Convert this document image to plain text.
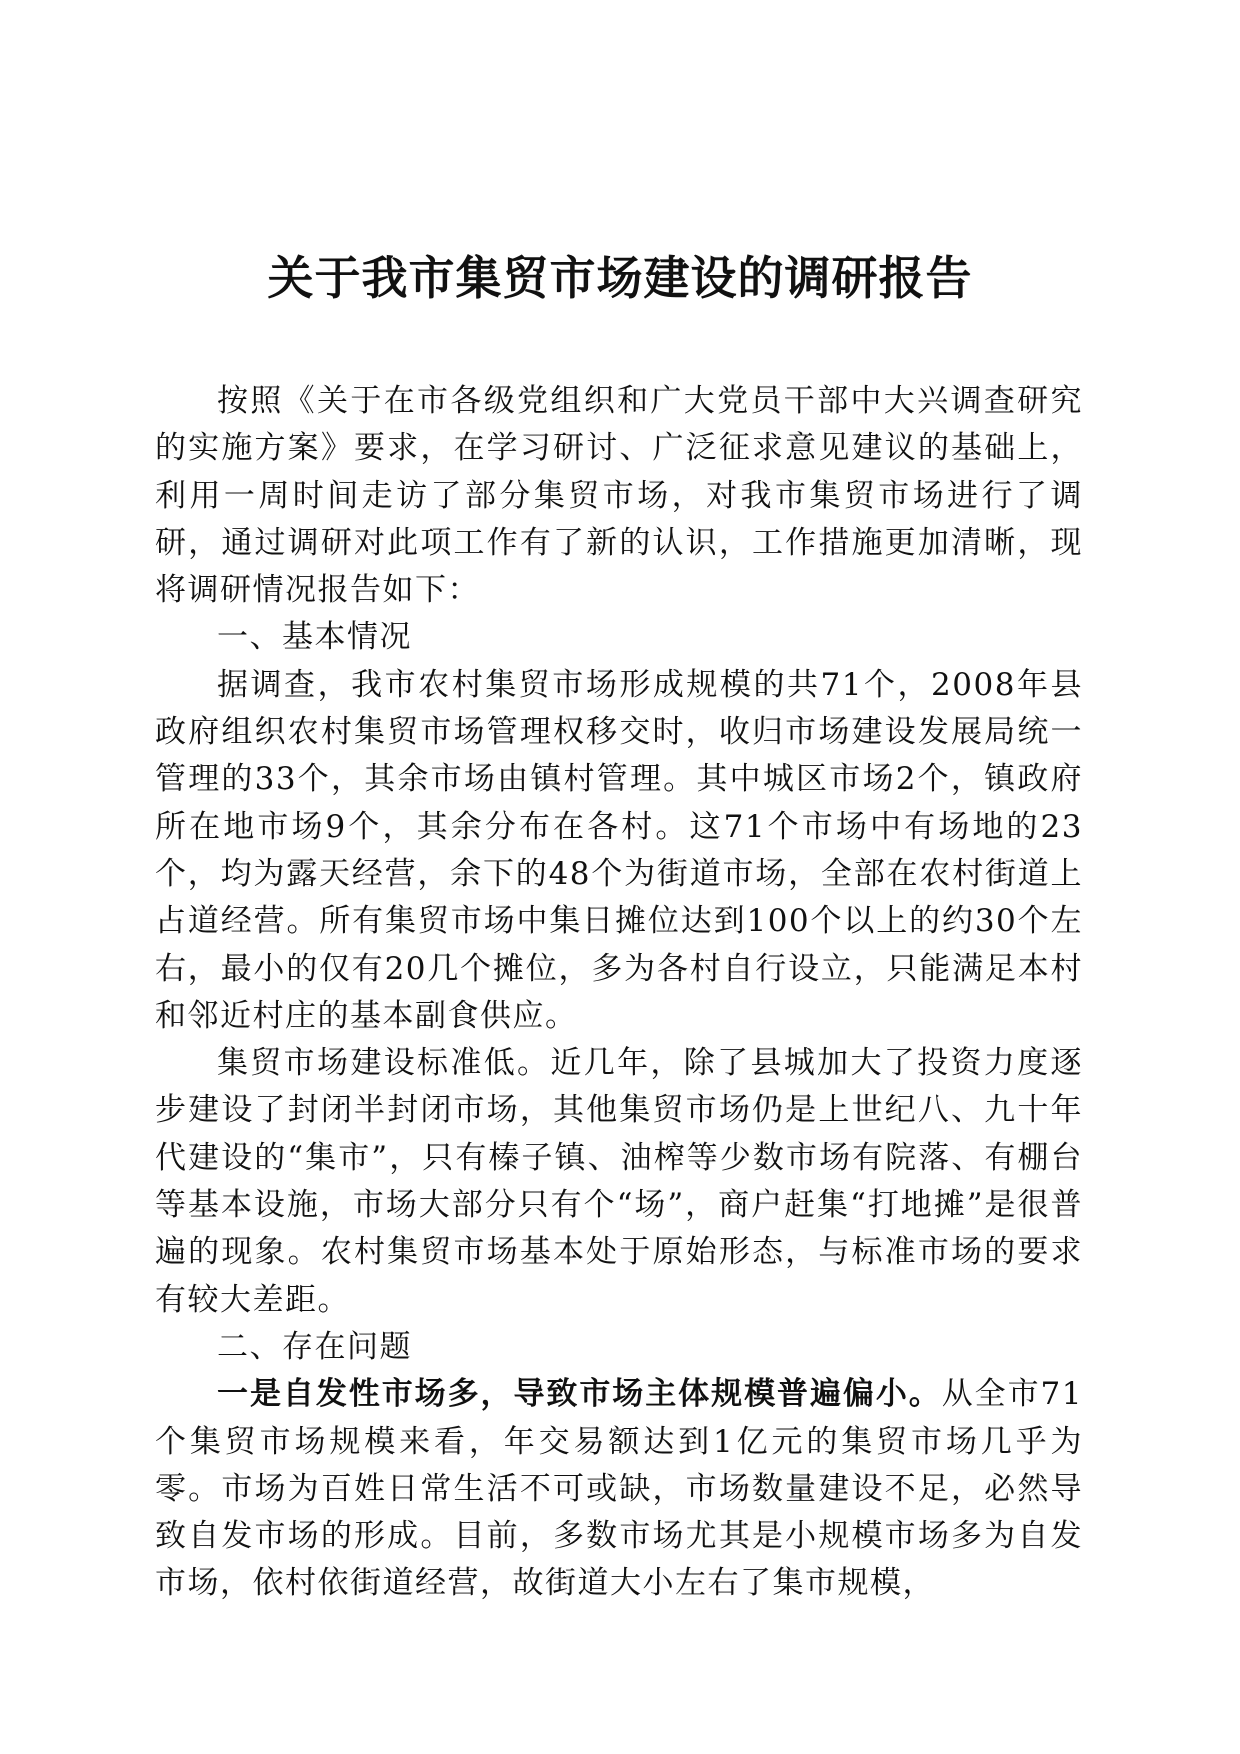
关于我市集贸市场建设的调研报告

按照《关于在市各级党组织和广大党员干部中大兴调查研究的实施方案》要求，在学习研讨、广泛征求意见建议的基础上，利用一周时间走访了部分集贸市场，对我市集贸市场进行了调研，通过调研对此项工作有了新的认识，工作措施更加清晰，现将调研情况报告如下：

一、基本情况

据调查，我市农村集贸市场形成规模的共71个，2008年县政府组织农村集贸市场管理权移交时，收归市场建设发展局统一管理的33个，其余市场由镇村管理。其中城区市场2个，镇政府所在地市场9个，其余分布在各村。这71个市场中有场地的23个，均为露天经营，余下的48个为街道市场，全部在农村街道上占道经营。所有集贸市场中集日摊位达到100个以上的约30个左右，最小的仅有20几个摊位，多为各村自行设立，只能满足本村和邻近村庄的基本副食供应。

集贸市场建设标准低。近几年，除了县城加大了投资力度逐步建设了封闭半封闭市场，其他集贸市场仍是上世纪八、九十年代建设的“集市”，只有榛子镇、油榨等少数市场有院落、有棚台等基本设施，市场大部分只有个“场”，商户赶集“打地摊”是很普遍的现象。农村集贸市场基本处于原始形态，与标准市场的要求有较大差距。

二、存在问题

一是自发性市场多，导致市场主体规模普遍偏小。从全市71个集贸市场规模来看，年交易额达到1亿元的集贸市场几乎为零。市场为百姓日常生活不可或缺，市场数量建设不足，必然导致自发市场的形成。目前，多数市场尤其是小规模市场多为自发市场，依村依街道经营，故街道大小左右了集市规模，
